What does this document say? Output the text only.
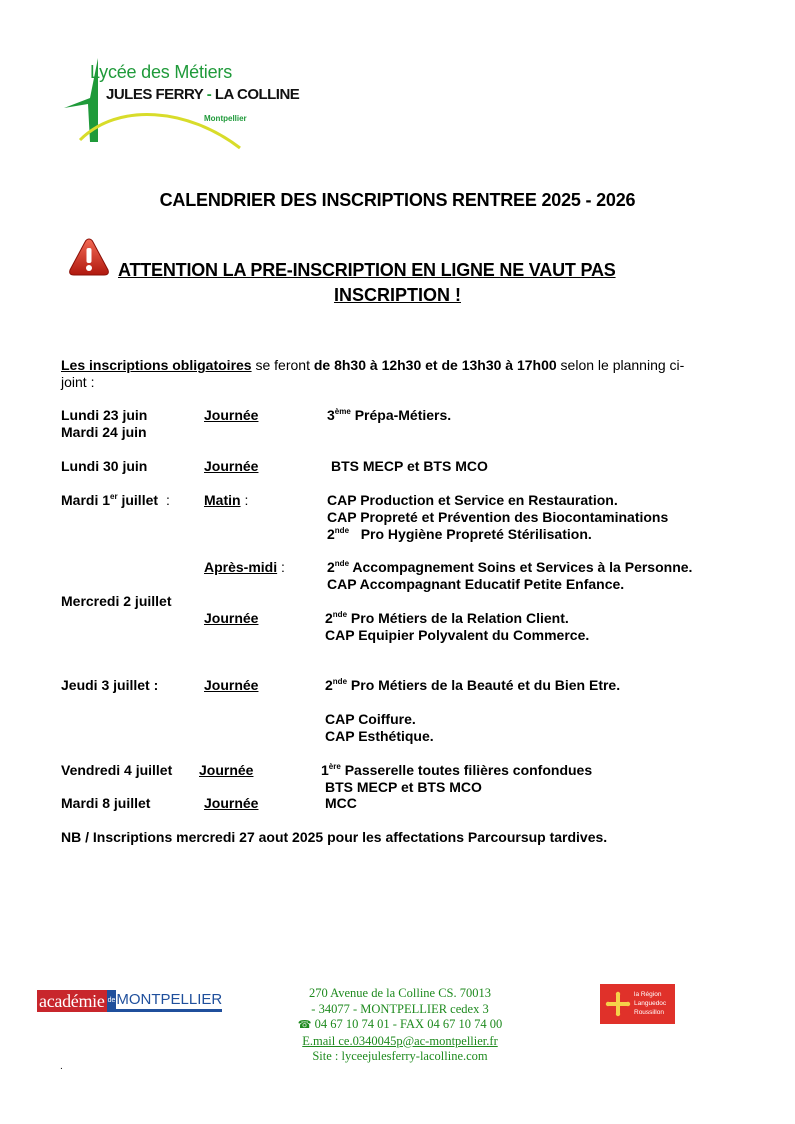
Lycée des Métiers
JULES FERRY - LA COLLINE
Montpellier
CALENDRIER DES INSCRIPTIONS RENTREE 2025 - 2026
ATTENTION LA PRE-INSCRIPTION EN LIGNE NE VAUT PAS
INSCRIPTION !
Les inscriptions obligatoires se feront de 8h30 à 12h30 et de 13h30 à 17h00 selon le planning ci-
joint :
Lundi 23 juin
Mardi 24 juin
Journée	3ème Prépa-Métiers.
Lundi 30 juin	Journée	BTS MECP et BTS MCO
Mardi 1er juillet : Matin :	CAP Production et Service en Restauration.
CAP Propreté et Prévention des Biocontaminations
2nde   Pro Hygiène Propreté Stérilisation.
Après-midi :	2nde Accompagnement Soins et Services à la Personne.
CAP Accompagnant Educatif Petite Enfance.
Mercredi 2 juillet
Journée	2nde Pro Métiers de la Relation Client.
CAP Equipier Polyvalent du Commerce.
Jeudi 3 juillet :	Journée	2nde Pro Métiers de la Beauté et du Bien Etre.
CAP Coiffure.
CAP Esthétique.
Vendredi 4 juillet Journée	1ère Passerelle toutes filières confondues
BTS MECP et BTS MCO
Mardi 8 juillet	Journée	MCC
NB / Inscriptions mercredi 27 aout 2025 pour les affectations Parcoursup tardives.
académie deMONTPELLIER	270 Avenue de la Colline CS. 70013
- 34077 - MONTPELLIER cedex 3
☎ 04 67 10 74 01 - FAX 04 67 10 74 00
E.mail ce.0340045p@ac-montpellier.fr
Site : lyceejulesferry-lacolline.com
la Région
Languedoc
Roussillon
.
